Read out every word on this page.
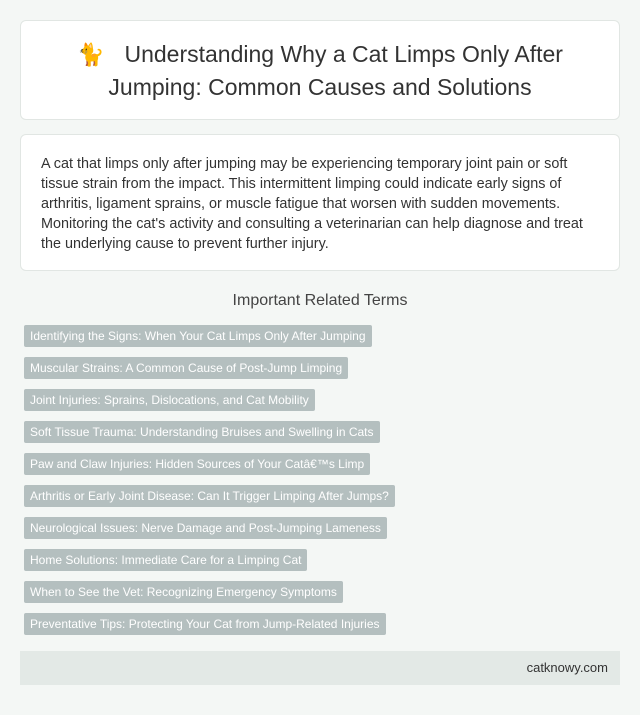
🐈 Understanding Why a Cat Limps Only After Jumping: Common Causes and Solutions

A cat that limps only after jumping may be experiencing temporary joint pain or soft tissue strain from the impact. This intermittent limping could indicate early signs of arthritis, ligament sprains, or muscle fatigue that worsen with sudden movements. Monitoring the cat's activity and consulting a veterinarian can help diagnose and treat the underlying cause to prevent further injury.

Important Related Terms
Identifying the Signs: When Your Cat Limps Only After Jumping
Muscular Strains: A Common Cause of Post-Jump Limping
Joint Injuries: Sprains, Dislocations, and Cat Mobility
Soft Tissue Trauma: Understanding Bruises and Swelling in Cats
Paw and Claw Injuries: Hidden Sources of Your Catâ€™s Limp
Arthritis or Early Joint Disease: Can It Trigger Limping After Jumps?
Neurological Issues: Nerve Damage and Post-Jumping Lameness
Home Solutions: Immediate Care for a Limping Cat
When to See the Vet: Recognizing Emergency Symptoms
Preventative Tips: Protecting Your Cat from Jump-Related Injuries
catknowy.com
